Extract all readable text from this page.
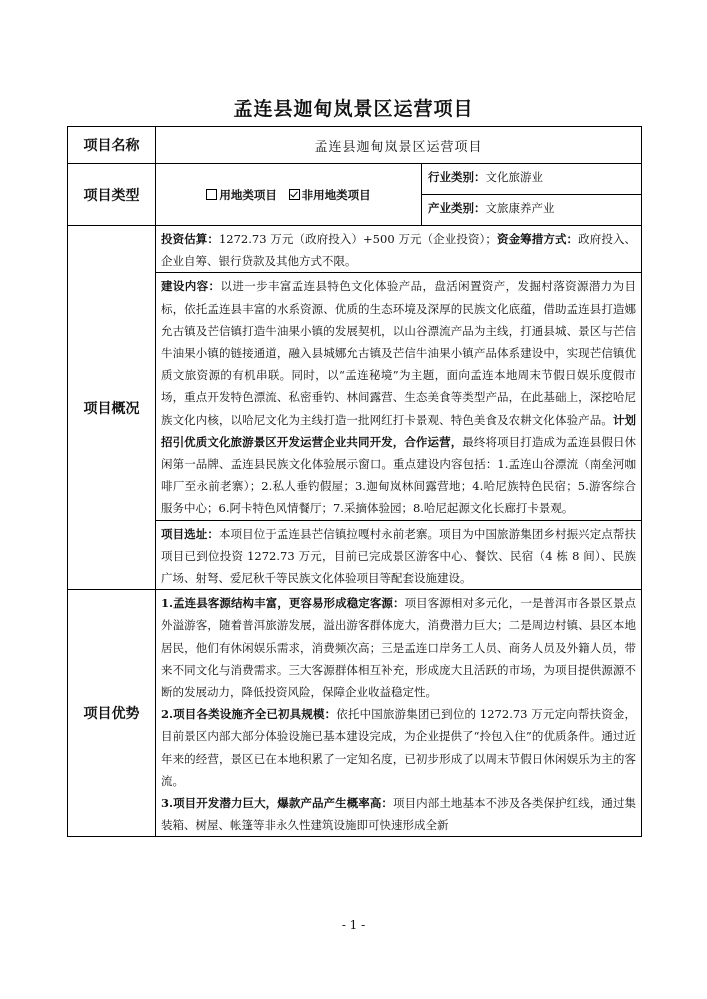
孟连县迦甸岚景区运营项目
项目名称	孟连县迦甸岚景区运营项目	
项目类型	用地类项目 非用地类项目	行业类别：文化旅游业
		产业类别：文旅康养产业
项目概况	投资估算：1272.73 万元（政府投入）+500 万元（企业投资）；资金筹措方式：政府投入、企业自筹、银行贷款及其他方式不限。	
	建设内容：以进一步丰富孟连县特色文化体验产品，盘活闲置资产，发掘村落资源潜力为目标，依托孟连县丰富的水系资源、优质的生态环境及深厚的民族文化底蕴，借助孟连县打造娜允古镇及芒信镇打造牛油果小镇的发展契机，以山谷漂流产品为主线，打通县城、景区与芒信牛油果小镇的链接通道，融入县城娜允古镇及芒信牛油果小镇产品体系建设中，实现芒信镇优质文旅资源的有机串联。同时，以“孟连秘境”为主题，面向孟连本地周末节假日娱乐度假市场，重点开发特色漂流、私密垂钓、林间露营、生态美食等类型产品，在此基础上，深挖哈尼族文化内核，以哈尼文化为主线打造一批网红打卡景观、特色美食及农耕文化体验产品。计划招引优质文化旅游景区开发运营企业共同开发，合作运营，最终将项目打造成为孟连县假日休闲第一品牌、孟连县民族文化体验展示窗口。重点建设内容包括：1.孟连山谷漂流（南垒河咖啡厂至永前老寨）；2.私人垂钓假屋；3.迦甸岚林间露营地；4.哈尼族特色民宿；5.游客综合服务中心；6.阿卡特色风情餐厅；7.采摘体验园；8.哈尼起源文化长廊打卡景观。	
	项目选址：本项目位于孟连县芒信镇拉嘎村永前老寨。项目为中国旅游集团乡村振兴定点帮扶项目已到位投资 1272.73 万元，目前已完成景区游客中心、餐饮、民宿（4 栋 8 间）、民族广场、射弩、爱尼秋千等民族文化体验项目等配套设施建设。	
项目优势	1.孟连县客源结构丰富，更容易形成稳定客源：项目客源相对多元化，一是普洱市各景区景点外溢游客，随着普洱旅游发展，溢出游客群体庞大，消费潜力巨大；二是周边村镇、县区本地居民，他们有休闲娱乐需求，消费频次高；三是孟连口岸务工人员、商务人员及外籍人员，带来不同文化与消费需求。三大客源群体相互补充，形成庞大且活跃的市场，为项目提供源源不断的发展动力，降低投资风险，保障企业收益稳定性。

2.项目各类设施齐全已初具规模：依托中国旅游集团已到位的 1272.73 万元定向帮扶资金，目前景区内部大部分体验设施已基本建设完成，为企业提供了“拎包入住”的优质条件。通过近年来的经营，景区已在本地积累了一定知名度，已初步形成了以周末节假日休闲娱乐为主的客流。

3.项目开发潜力巨大，爆款产品产生概率高：项目内部土地基本不涉及各类保护红线，通过集装箱、树屋、帐篷等非永久性建筑设施即可快速形成全新	

- 1 -
